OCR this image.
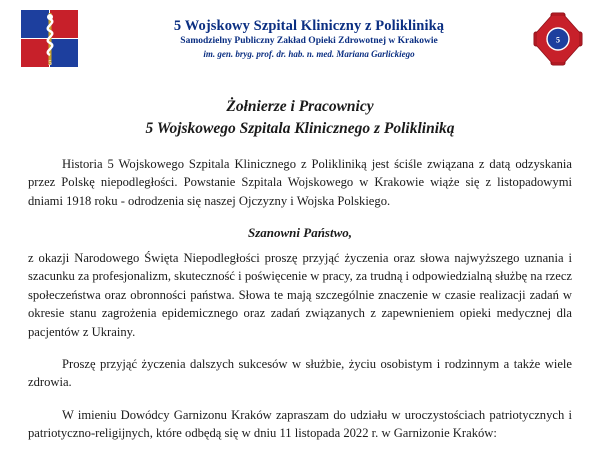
5
5 Wojskowy Szpital Kliniczny z Polikliniką
Samodzielny Publiczny Zakład Opieki Zdrowotnej w Krakowie
im. gen. bryg. prof. dr. hab. n. med. Mariana Garlickiego
5
Żołnierze i Pracownicy
5 Wojskowego Szpitala Klinicznego z Polikliniką

Historia 5 Wojskowego Szpitala Klinicznego z Polikliniką jest ściśle związana z datą odzyskania przez Polskę niepodległości. Powstanie Szpitala Wojskowego w Krakowie wiąże się z listopadowymi dniami 1918 roku - odrodzenia się naszej Ojczyzny i Wojska Polskiego.

Szanowni Państwo,

z okazji Narodowego Święta Niepodległości proszę przyjąć życzenia oraz słowa najwyższego uznania i szacunku za profesjonalizm, skuteczność i poświęcenie w pracy, za trudną i odpowiedzialną służbę na rzecz społeczeństwa oraz obronności państwa. Słowa te mają szczególnie znaczenie w czasie realizacji zadań w okresie stanu zagrożenia epidemicznego oraz zadań związanych z zapewnieniem opieki medycznej dla pacjentów z Ukrainy.

Proszę przyjąć życzenia dalszych sukcesów w służbie, życiu osobistym i rodzinnym a także wiele zdrowia.

W imieniu Dowódcy Garnizonu Kraków zapraszam do udziału w uroczystościach patriotycznych i patriotyczno-religijnych, które odbędą się w dniu 11 listopada 2022 r. w Garnizonie Kraków:
